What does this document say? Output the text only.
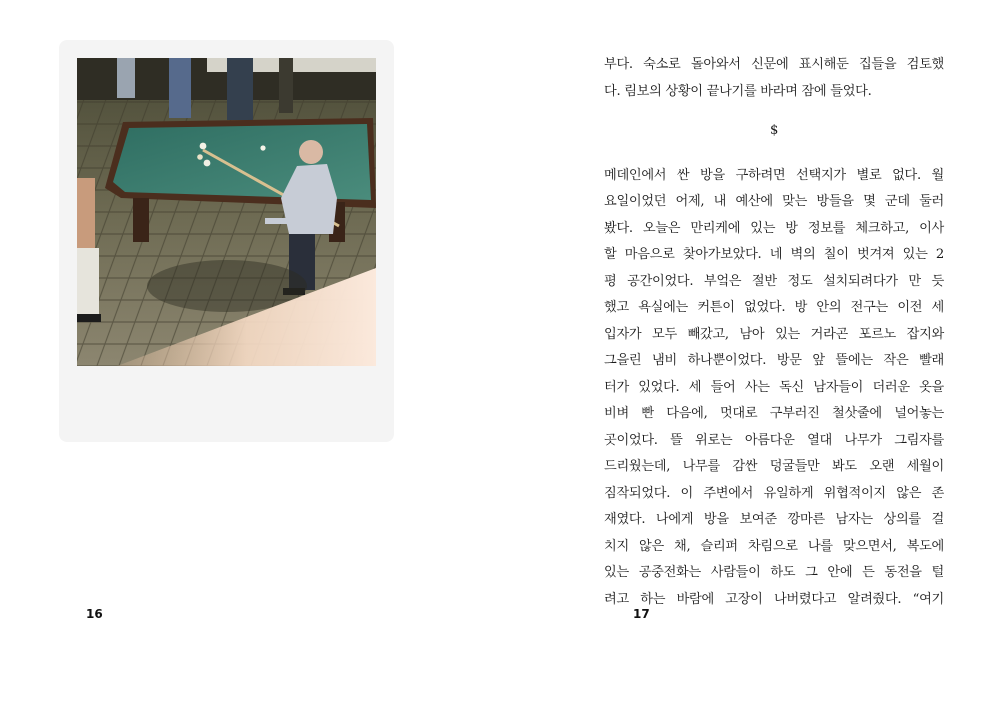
16
부다. 숙소로 돌아와서 신문에 표시해둔 집들을 검토했
다. 림보의 상황이 끝나기를 바라며 잠에 들었다.
$
메데인에서 싼 방을 구하려면 선택지가 별로 없다. 월
요일이었던 어제, 내 예산에 맞는 방들을 몇 군데 둘러
봤다. 오늘은 만리케에 있는 방 정보를 체크하고, 이사
할 마음으로 찾아가보았다. 네 벽의 칠이 벗겨져 있는 2
평 공간이었다. 부엌은 절반 정도 설치되려다가 만 듯
했고 욕실에는 커튼이 없었다. 방 안의 전구는 이전 세
입자가 모두 빼갔고, 남아 있는 거라곤 포르노 잡지와
그을린 냄비 하나뿐이었다. 방문 앞 뜰에는 작은 빨래
터가 있었다. 세 들어 사는 독신 남자들이 더러운 옷을
비벼 빤 다음에, 멋대로 구부러진 철삿줄에 널어놓는
곳이었다. 뜰 위로는 아름다운 열대 나무가 그림자를
드리웠는데, 나무를 감싼 덩굴들만 봐도 오랜 세월이
짐작되었다. 이 주변에서 유일하게 위협적이지 않은 존
재였다. 나에게 방을 보여준 깡마른 남자는 상의를 걸
치지 않은 채, 슬리퍼 차림으로 나를 맞으면서, 복도에
있는 공중전화는 사람들이 하도 그 안에 든 동전을 털
려고 하는 바람에 고장이 나버렸다고 알려줬다. “여기
17
